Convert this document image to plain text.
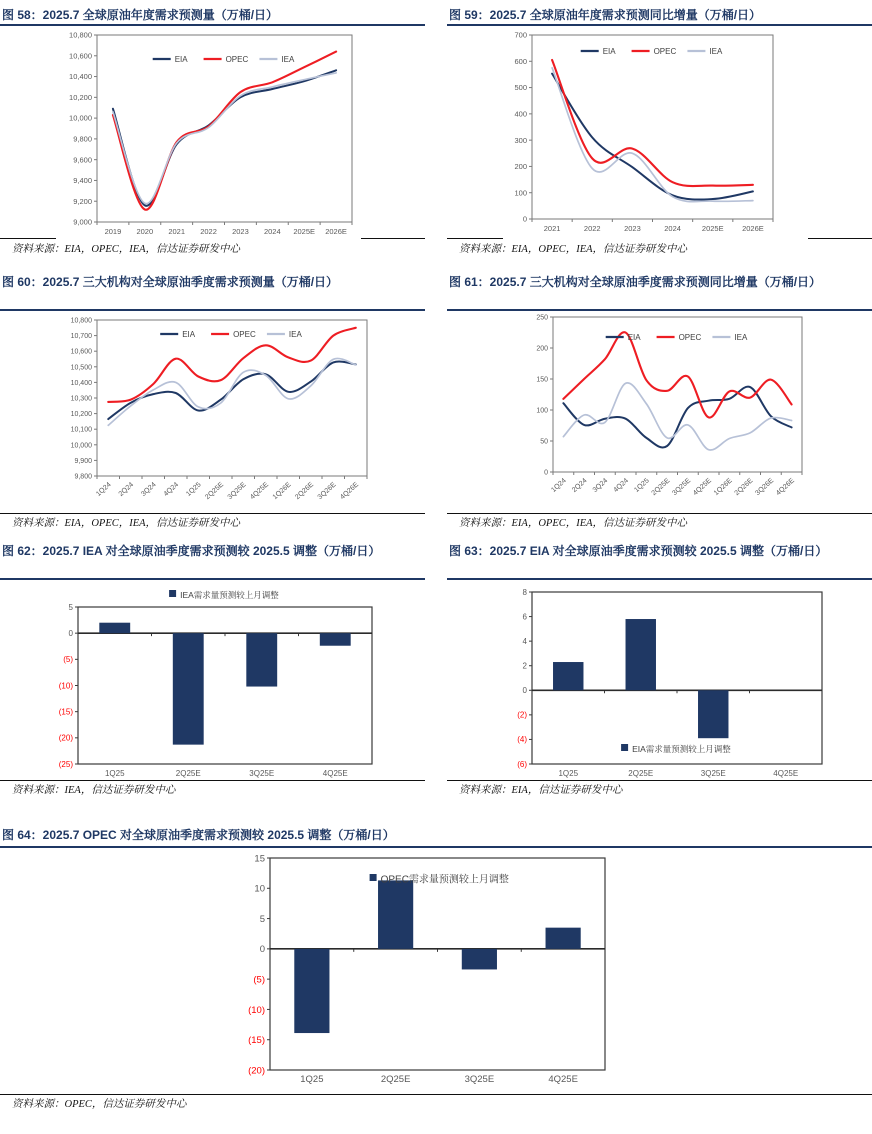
图 58：2025.7 全球原油年度需求预测量（万桶/日）
10,800
10,600
10,400
10,200
10,000
9,800
9,600
9,400
9,200
9,000
2019 2020 2021 2022 2023 2024 2025E 2026E
EIA	OPEC	IEA
资料来源：EIA，OPEC，IEA，信达证券研发中心
图 59：2025.7 全球原油年度需求预测同比增量（万桶/日）
700
600
500
400
300
200
100
0
2021	2022	2023	2024	2025E 2026E
EIA	OPEC	IEA
资料来源：EIA，OPEC，IEA，信达证券研发中心
图 60：2025.7 三大机构对全球原油季度需求预测量（万桶/日）
10,800
10,700
10,600
10,500
10,400
10,300
10,200
10,100
10,000
9,900
9,800
1Q24 2Q24 3Q24 4Q24 1Q25 2Q25E 3Q25E 4Q25E 1Q26E 2Q26E 3Q26E 4Q26E
EIA	OPEC	IEA
资料来源：EIA，OPEC，IEA，信达证券研发中心
图 61：2025.7 三大机构对全球原油季度需求预测同比增量（万桶/日）
250
200
150
100
50
0
1Q24 2Q24 3Q24 4Q24 1Q25 2Q25E 3Q25E 4Q25E 1Q26E 2Q26E 3Q26E 4Q26E
EIA	OPEC	IEA
资料来源：EIA，OPEC，IEA，信达证券研发中心
图 62：2025.7 IEA 对全球原油季度需求预测较 2025.5 调整（万桶/日）
5
0
(5)
(10)
(15)
(20)
(25)
1Q25	2Q25E	3Q25E	4Q25E
IEA需求量预测较上月调整
资料来源：IEA，信达证券研发中心
图 63：2025.7 EIA 对全球原油季度需求预测较 2025.5 调整（万桶/日）
8
6
4
2
0
(2)
(4)
(6)
1Q25	2Q25E	3Q25E	4Q25E
EIA需求量预测较上月调整
资料来源：EIA，信达证券研发中心
图 64：2025.7 OPEC 对全球原油季度需求预测较 2025.5 调整（万桶/日）
15
10
5
0
(5)
(10)
(15)
(20)
1Q25	2Q25E	3Q25E	4Q25E
OPEC需求量预测较上月调整
资料来源：OPEC，信达证券研发中心
